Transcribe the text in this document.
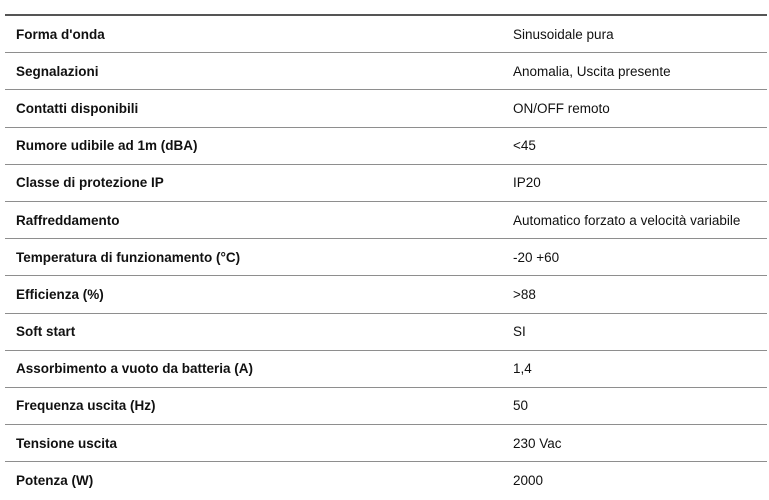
Forma d'onda	Sinusoidale pura
Segnalazioni	Anomalia, Uscita presente
Contatti disponibili	ON/OFF remoto
Rumore udibile ad 1m (dBA)	<45
Classe di protezione IP	IP20
Raffreddamento	Automatico forzato a velocità variabile
Temperatura di funzionamento (°C)	-20 +60
Efficienza (%)	>88
Soft start	SI
Assorbimento a vuoto da batteria (A)	1,4
Frequenza uscita (Hz)	50
Tensione uscita	230 Vac
Potenza (W)	2000
